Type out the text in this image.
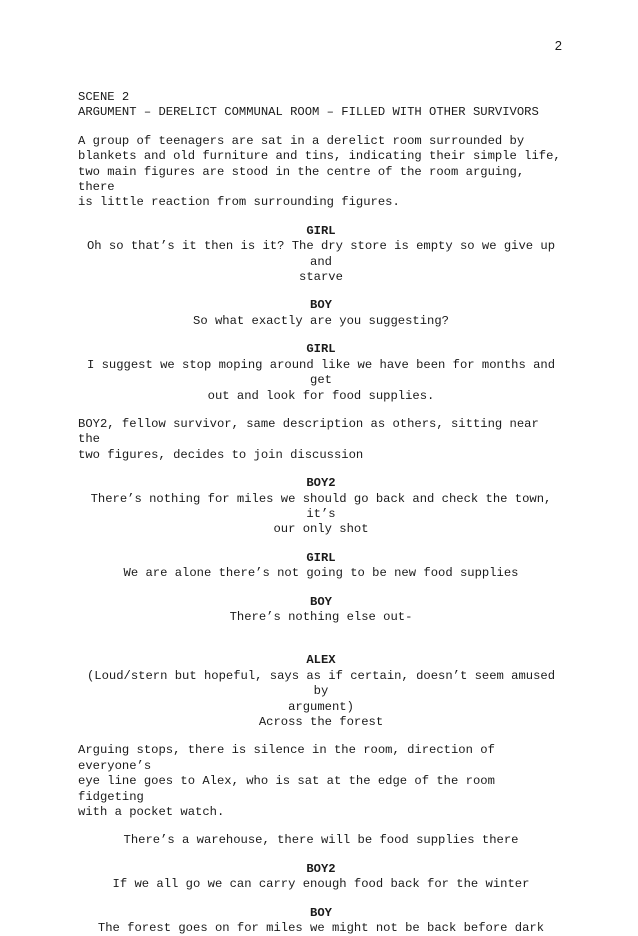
2
SCENE 2
ARGUMENT – DERELICT COMMUNAL ROOM – FILLED WITH OTHER SURVIVORS
A group of teenagers are sat in a derelict room surrounded by
blankets and old furniture and tins, indicating their simple life,
two main figures are stood in the centre of the room arguing, there
is little reaction from surrounding figures.
GIRL
Oh so that’s it then is it? The dry store is empty so we give up and
starve
BOY
So what exactly are you suggesting?
GIRL
I suggest we stop moping around like we have been for months and get
out and look for food supplies.
BOY2, fellow survivor, same description as others, sitting near the
two figures, decides to join discussion
BOY2
There’s nothing for miles we should go back and check the town, it’s
our only shot
GIRL
We are alone there’s not going to be new food supplies
BOY
There’s nothing else out-
ALEX
(Loud/stern but hopeful, says as if certain, doesn’t seem amused by
argument)
Across the forest
Arguing stops, there is silence in the room, direction of everyone’s
eye line goes to Alex, who is sat at the edge of the room fidgeting
with a pocket watch.
There’s a warehouse, there will be food supplies there
BOY2
If we all go we can carry enough food back for the winter
BOY
The forest goes on for miles we might not be back before dark
